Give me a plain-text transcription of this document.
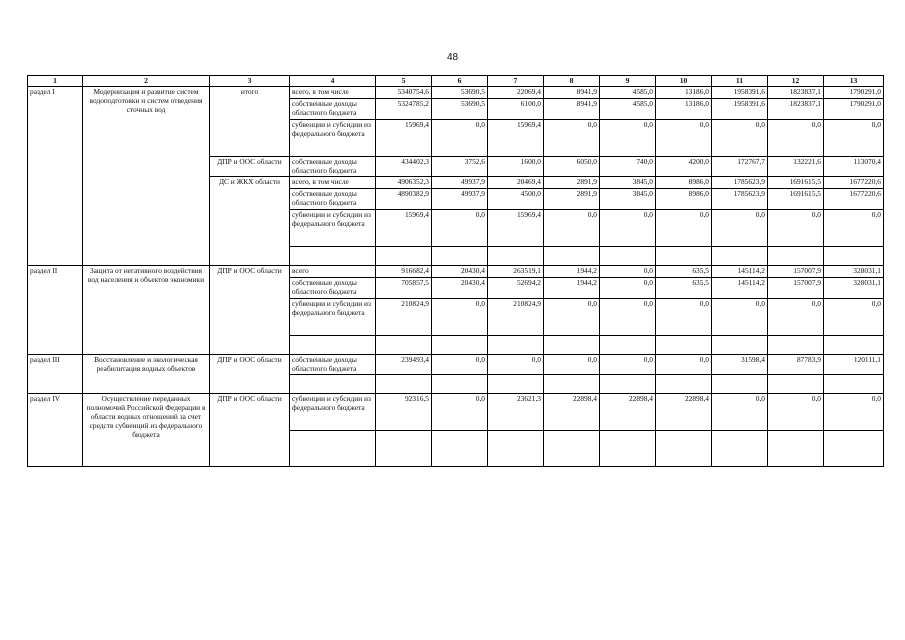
48
1	2	3	4	5	6	7	8	9	10	11	12	13
раздел I	Модернизация и развитие систем водоподготовки и систем отведения сточных вод	итого	всего, в том числе	5340754,6	53690,5	22069,4	8941,9	4585,0	13186,0	1958391,6	1823837,1	1790291,0
			собственные доходы областного бюджета	5324785,2	53690,5	6100,0	8941,9	4585,0	13186,0	1958391,6	1823837,1	1790291,0
			субвенции и субсидии из федерального бюджета	15969,4	0,0	15969,4	0,0	0,0	0,0	0,0	0,0	0,0
		ДПР и ООС области	собственные доходы областного бюджета	434402,3	3752,6	1600,0	6050,0	740,0	4200,0	172767,7	132221,6	113070,4
		ДС и ЖКХ области	всего, в том числе	4906352,3	49937,9	20469,4	2891,9	3845,0	8986,0	1785623,9	1691615,5	1677220,6
			собственные доходы областного бюджета	4890382,9	49937,9	4500,0	2891,9	3845,0	8986,0	1785623,9	1691615,5	1677220,6
			субвенции и субсидии из федерального бюджета	15969,4	0,0	15969,4	0,0	0,0	0,0	0,0	0,0	0,0

раздел II	Защита от негативного воздействия вод населения и объектов экономики	ДПР и ООС области	всего	916682,4	20430,4	263519,1	1944,2	0,0	635,5	145114,2	157007,9	328031,1
			собственные доходы областного бюджета	705857,5	20430,4	52694,2	1944,2	0,0	635,5	145114,2	157007,9	328031,1
			субвенции и субсидии из федерального бюджета	210824,9	0,0	210824,9	0,0	0,0	0,0	0,0	0,0	0,0

раздел III	Восстановление и экологическая реабилитация водных объектов	ДПР и ООС области	собственные доходы областного бюджета	239493,4	0,0	0,0	0,0	0,0	0,0	31598,4	87783,9	120111,1

раздел IV	Осуществление переданных полномочий Российской Федерации в области водных отношений за счет средств субвенций из федерального бюджета	ДПР и ООС области	субвенции и субсидии из федерального бюджета	92316,5	0,0	23621,3	22898,4	22898,4	22898,4	0,0	0,0	0,0
